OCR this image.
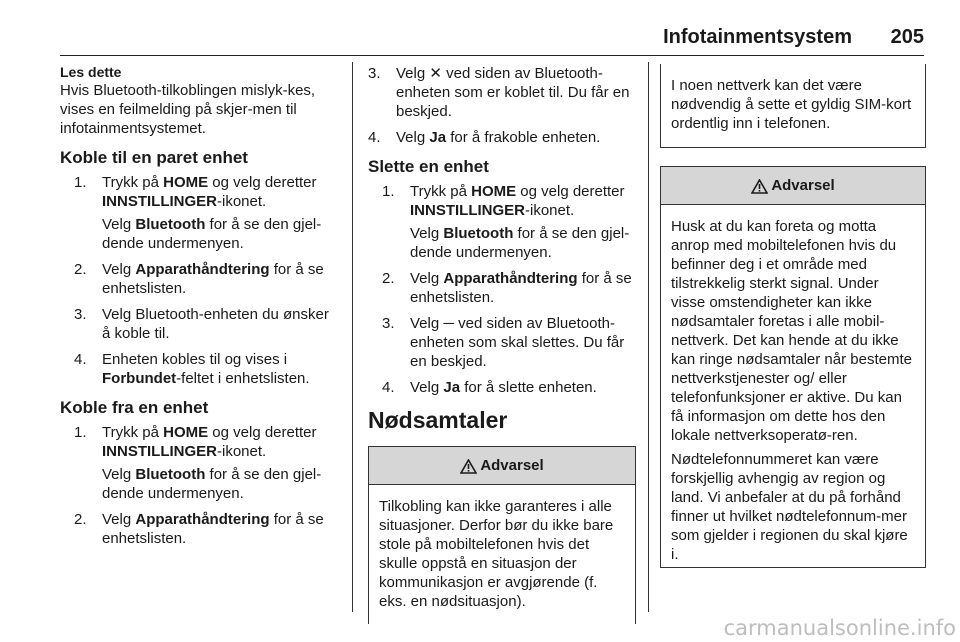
Infotainmentsystem 205
Les dette
Hvis Bluetooth-tilkoblingen mislyk-kes, vises en feilmelding på skjer-men til infotainmentsystemet.
Koble til en paret enhet
1. Trykk på HOME og velg deretter INNSTILLINGER-ikonet.
Velg Bluetooth for å se den gjel-dende undermenyen.
2. Velg Apparathåndtering for å se enhetslisten.
3. Velg Bluetooth-enheten du ønsker å koble til.
4. Enheten kobles til og vises i Forbundet-feltet i enhetslisten.
Koble fra en enhet
1. Trykk på HOME og velg deretter INNSTILLINGER-ikonet.
Velg Bluetooth for å se den gjel-dende undermenyen.
2. Velg Apparathåndtering for å se enhetslisten.
3. Velg ✕ ved siden av Bluetooth-enheten som er koblet til. Du får en beskjed.
4. Velg Ja for å frakoble enheten.
Slette en enhet
1. Trykk på HOME og velg deretter INNSTILLINGER-ikonet.
Velg Bluetooth for å se den gjel-dende undermenyen.
2. Velg Apparathåndtering for å se enhetslisten.
3. Velg ─ ved siden av Bluetooth-enheten som skal slettes. Du får en beskjed.
4. Velg Ja for å slette enheten.
Nødsamtaler
Advarsel

Tilkobling kan ikke garanteres i alle situasjoner. Derfor bør du ikke bare stole på mobiltelefonen hvis det skulle oppstå en situasjon der kommunikasjon er avgjørende (f. eks. en nødsituasjon).

I noen nettverk kan det være nødvendig å sette et gyldig SIM-kort ordentlig inn i telefonen.
Advarsel

Husk at du kan foreta og motta anrop med mobiltelefonen hvis du befinner deg i et område med tilstrekkelig sterkt signal. Under visse omstendigheter kan ikke nødsamtaler foretas i alle mobil-nettverk. Det kan hende at du ikke kan ringe nødsamtaler når bestemte nettverkstjenester og/ eller telefonfunksjoner er aktive. Du kan få informasjon om dette hos den lokale nettverksoperatø-ren.

Nødtelefonnummeret kan være forskjellig avhengig av region og land. Vi anbefaler at du på forhånd finner ut hvilket nødtelefonnum-mer som gjelder i regionen du skal kjøre i.

carmanualsonline.info
